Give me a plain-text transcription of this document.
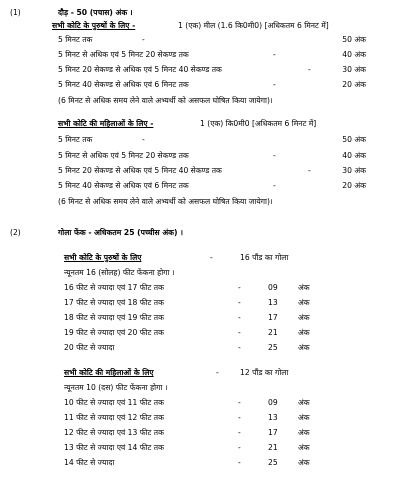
(1)	दौड़ - 50 (पचास) अंक ।
सभी कोटि के पुरुषों के लिए -	1 (एक) मील (1.6 कि0मी0) [अधिकतम 6 मिनट में]
5 मिनट तक	-	50 अंक
5 मिनट से अधिक एवं 5 मिनट 20 सेकण्ड तक	-	40 अंक
5 मिनट 20 सेकण्ड से अधिक एवं 5 मिनट 40 सेकण्ड तक	-	30 अंक
5 मिनट 40 सेकण्ड से अधिक एवं 6 मिनट तक	-	20 अंक
(6 मिनट से अधिक समय लेने वाले अभ्यर्थी को असफल घोषित किया जायेगा)।
सभी कोटि की महिलाओं के लिए -	1 (एक) कि0मी0 [अधिकतम 6 मिनट में]
5 मिनट तक	-	50 अंक
5 मिनट से अधिक एवं 5 मिनट 20 सेकण्ड तक	-	40 अंक
5 मिनट 20 सेकण्ड से अधिक एवं 5 मिनट 40 सेकण्ड तक	-	30 अंक
5 मिनट 40 सेकण्ड से अधिक एवं 6 मिनट तक	-	20 अंक
(6 मिनट से अधिक समय लेने वाले अभ्यर्थी को असफल घोषित किया जायेगा)।
(2)	गोला फेंक - अधिकतम 25 (पच्चीस अंक) ।
सभी कोटि के पुरुषों के लिए	-	16 पौंड का गोला
न्यूनतम 16 (सोलह) फीट फेंकना होगा ।
16 फीट से ज्यादा एवं 17 फीट तक	-	09	अंक
17 फीट से ज्यादा एवं 18 फीट तक	-	13	अंक
18 फीट से ज्यादा एवं 19 फीट तक	-	17	अंक
19 फीट से ज्यादा एवं 20 फीट तक	-	21	अंक
20 फीट से ज्यादा	-	25	अंक
सभी कोटि की महिलाओं के लिए	-	12 पौंड का गोला
न्यूनतम 10 (दस) फीट फेंकना होगा ।
10 फीट से ज्यादा एवं 11 फीट तक	-	09	अंक
11 फीट से ज्यादा एवं 12 फीट तक	-	13	अंक
12 फीट से ज्यादा एवं 13 फीट तक	-	17	अंक
13 फीट से ज्यादा एवं 14 फीट तक	-	21	अंक
14 फीट से ज्यादा	-	25	अंक
